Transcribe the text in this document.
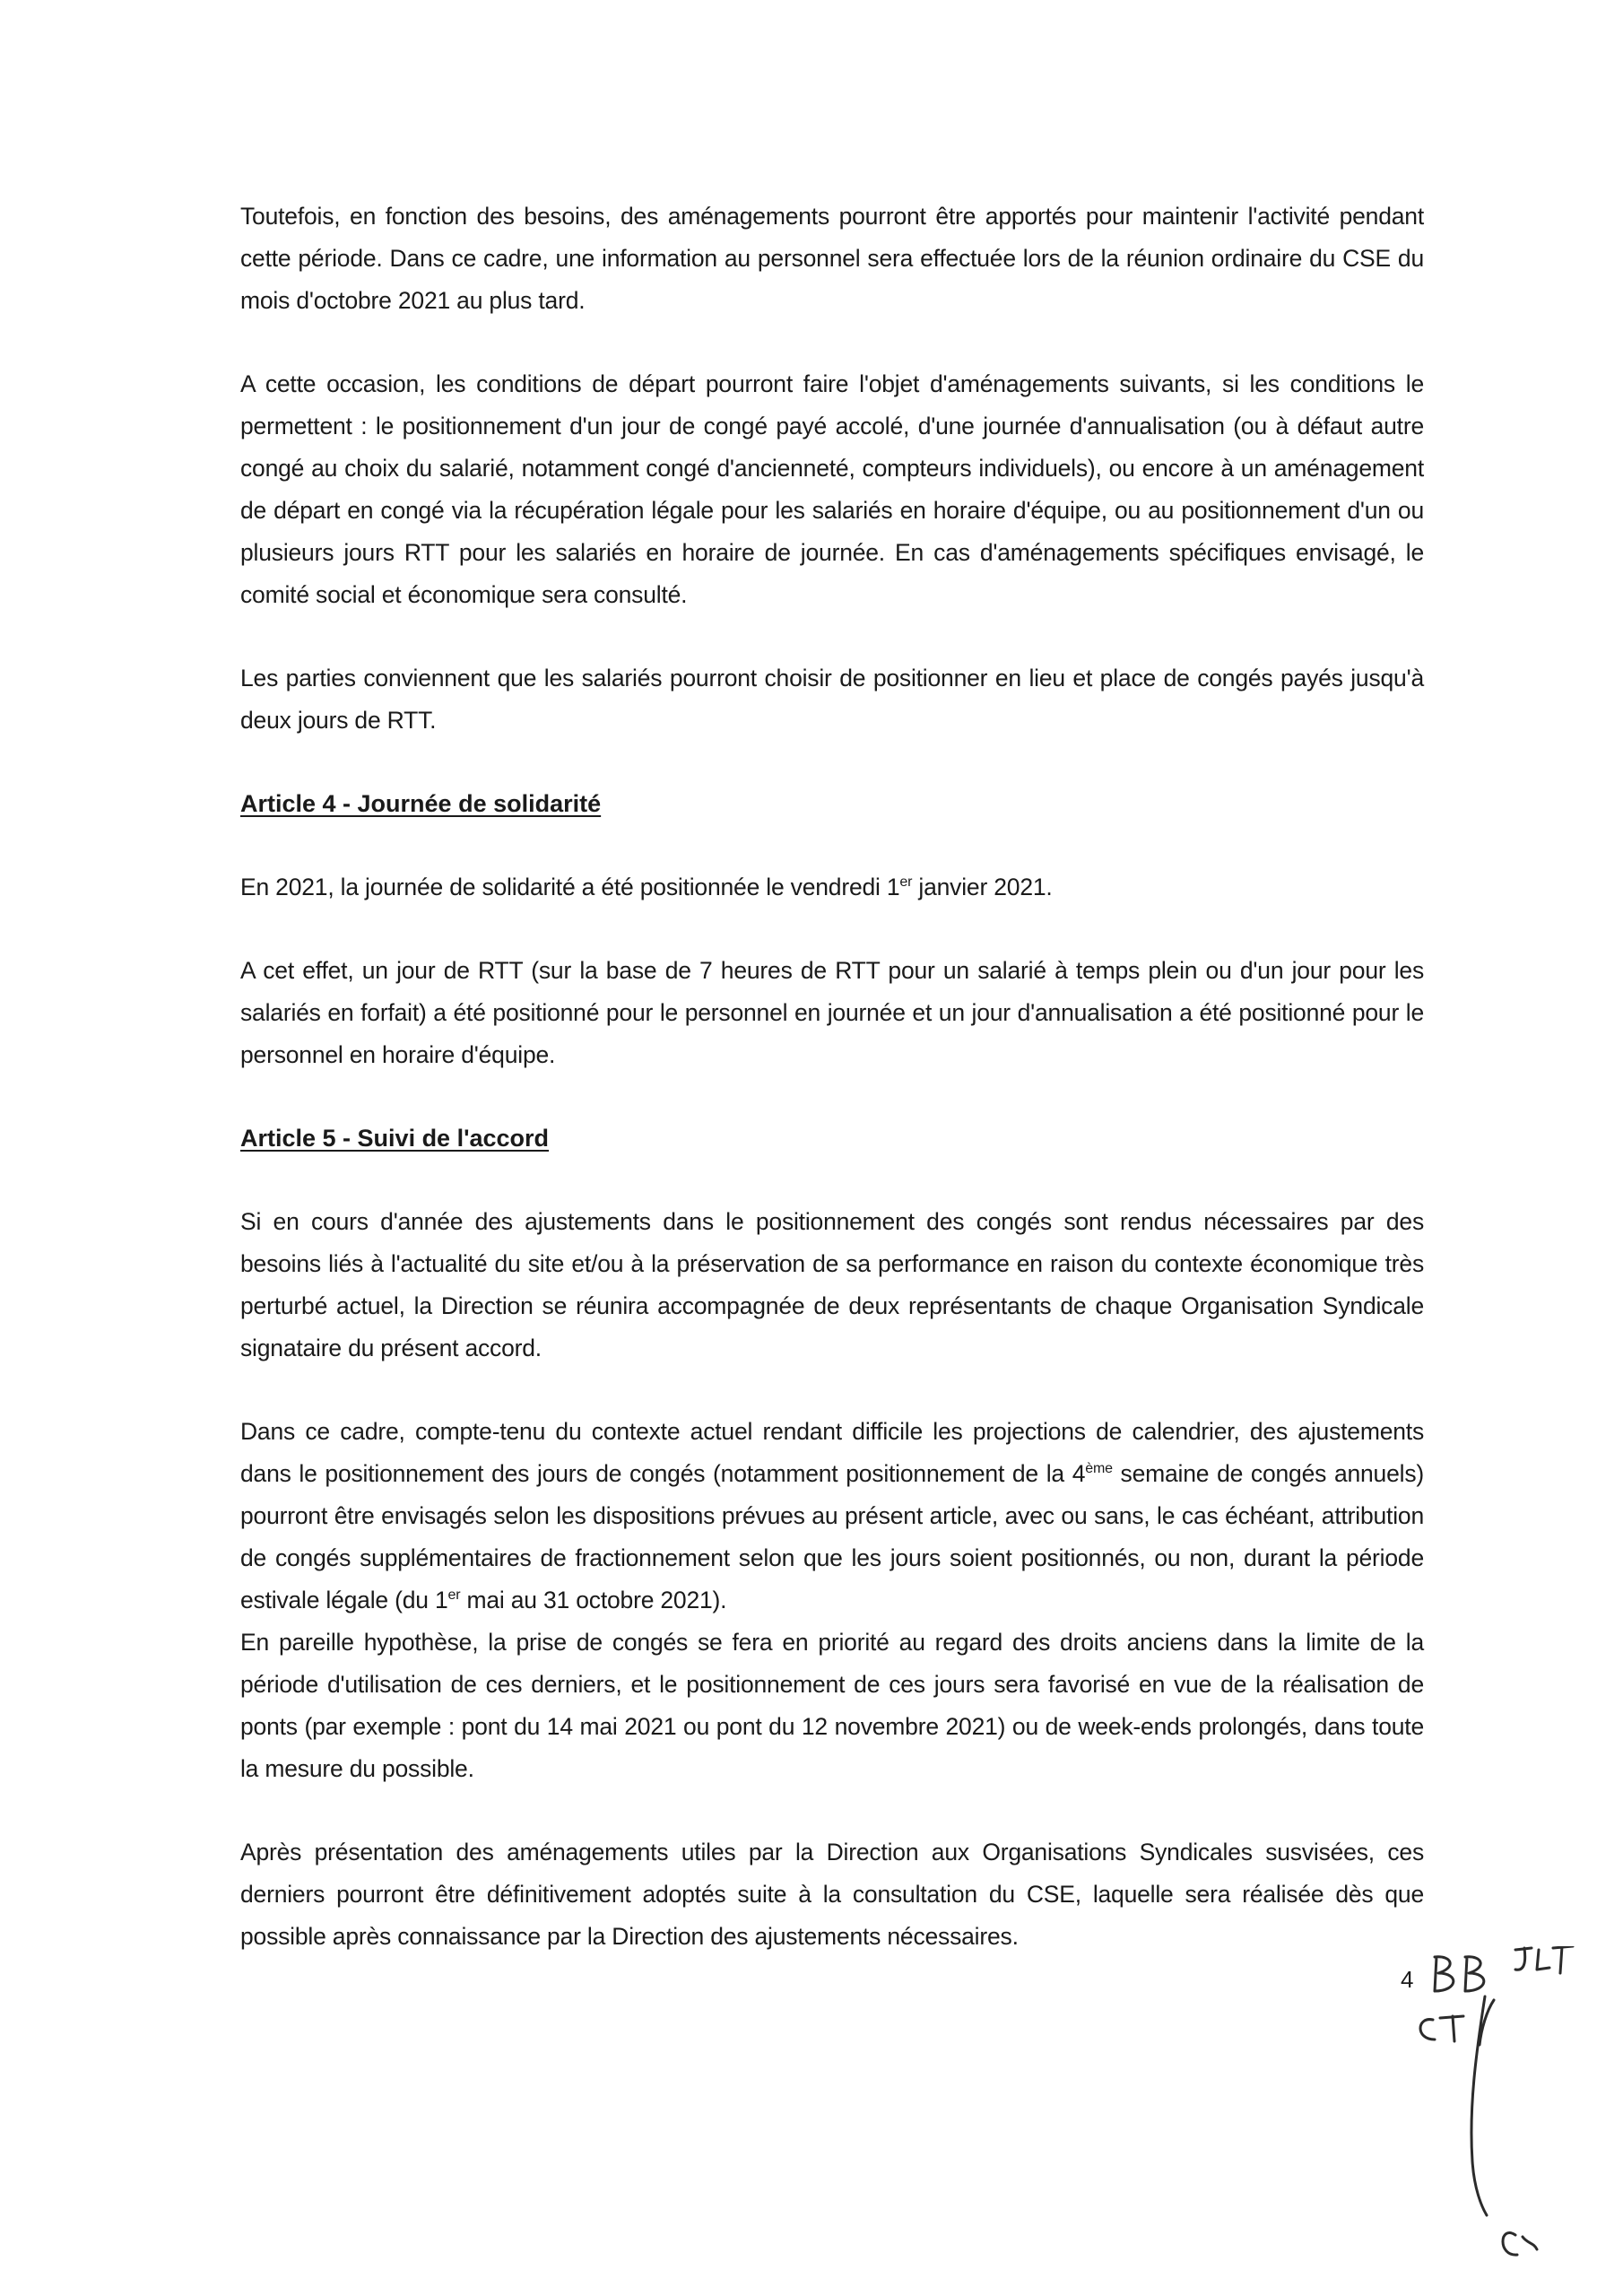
Toutefois, en fonction des besoins, des aménagements pourront être apportés pour maintenir l'activité pendant cette période. Dans ce cadre, une information au personnel sera effectuée lors de la réunion ordinaire du CSE du mois d'octobre 2021 au plus tard.

A cette occasion, les conditions de départ pourront faire l'objet d'aménagements suivants, si les conditions le permettent : le positionnement d'un jour de congé payé accolé, d'une journée d'annualisation (ou à défaut autre congé au choix du salarié, notamment congé d'ancienneté, compteurs individuels), ou encore à un aménagement de départ en congé via la récupération légale pour les salariés en horaire d'équipe, ou au positionnement d'un ou plusieurs jours RTT pour les salariés en horaire de journée. En cas d'aménagements spécifiques envisagé, le comité social et économique sera consulté.

Les parties conviennent que les salariés pourront choisir de positionner en lieu et place de congés payés jusqu'à deux jours de RTT.

Article 4 - Journée de solidarité

En 2021, la journée de solidarité a été positionnée le vendredi 1er janvier 2021.

A cet effet, un jour de RTT (sur la base de 7 heures de RTT pour un salarié à temps plein ou d'un jour pour les salariés en forfait) a été positionné pour le personnel en journée et un jour d'annualisation a été positionné pour le personnel en horaire d'équipe.

Article 5 - Suivi de l'accord

Si en cours d'année des ajustements dans le positionnement des congés sont rendus nécessaires par des besoins liés à l'actualité du site et/ou à la préservation de sa performance en raison du contexte économique très perturbé actuel, la Direction se réunira accompagnée de deux représentants de chaque Organisation Syndicale signataire du présent accord.

Dans ce cadre, compte-tenu du contexte actuel rendant difficile les projections de calendrier, des ajustements dans le positionnement des jours de congés (notamment positionnement de la 4ème semaine de congés annuels) pourront être envisagés selon les dispositions prévues au présent article, avec ou sans, le cas échéant, attribution de congés supplémentaires de fractionnement selon que les jours soient positionnés, ou non, durant la période estivale légale (du 1er mai au 31 octobre 2021).

En pareille hypothèse, la prise de congés se fera en priorité au regard des droits anciens dans la limite de la période d'utilisation de ces derniers, et le positionnement de ces jours sera favorisé en vue de la réalisation de ponts (par exemple : pont du 14 mai 2021 ou pont du 12 novembre 2021) ou de week-ends prolongés, dans toute la mesure du possible.

Après présentation des aménagements utiles par la Direction aux Organisations Syndicales susvisées, ces derniers pourront être définitivement adoptés suite à la consultation du CSE, laquelle sera réalisée dès que possible après connaissance par la Direction des ajustements nécessaires.

4
